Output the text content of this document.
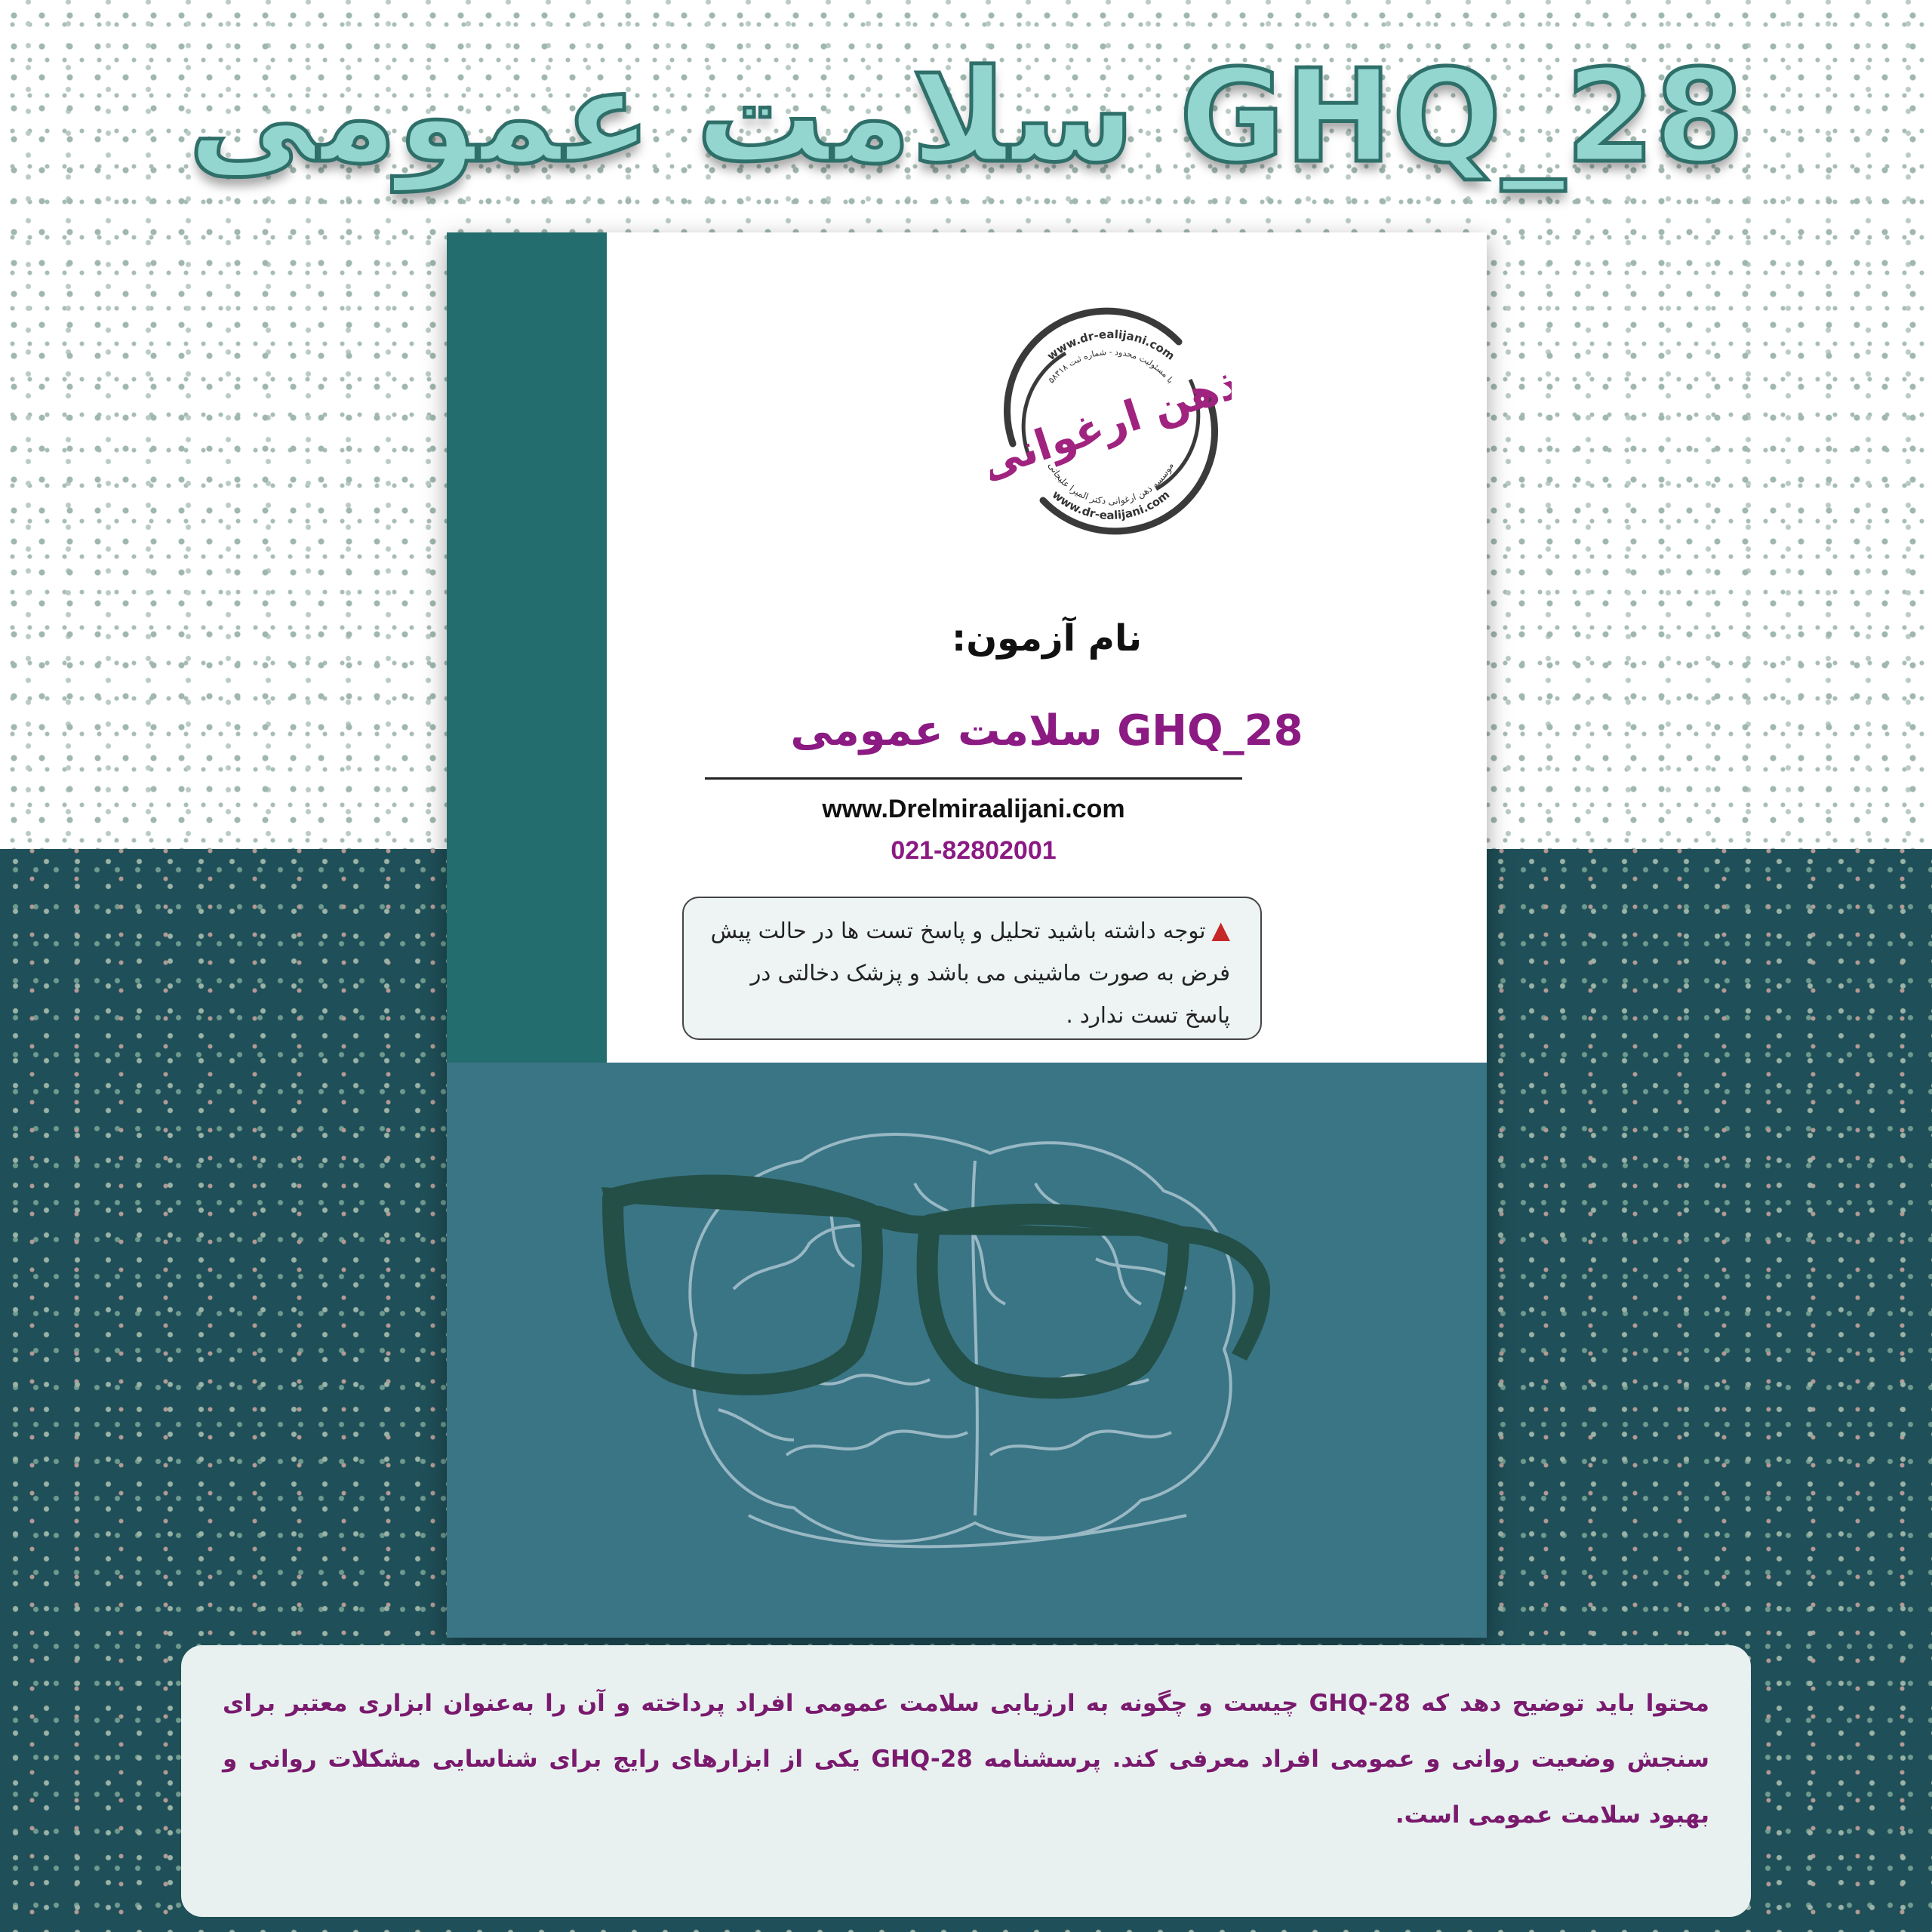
GHQ_28 سلامت عمومی
www.dr-ealijani.com
با مسئولیت محدود - شماره ثبت ۵۸۳۱۸
ذهن ارغوانی
موسسه ذهن ارغوانی دکتر المیرا علیجانی
www.dr-ealijani.com

نام آزمون:

GHQ_28 سلامت عمومی

www.Drelmiraalijani.com
021-82802001
▲توجه داشته باشید تحلیل و پاسخ تست ها در حالت پیش فرض به صورت ماشینی می باشد و پزشک دخالتی در پاسخ تست ندارد .
محتوا باید توضیح دهد که GHQ-28 چیست و چگونه به ارزیابی سلامت عمومی افراد پرداخته و آن را به‌عنوان ابزاری معتبر برای سنجش وضعیت روانی و عمومی افراد معرفی کند. پرسشنامه GHQ-28 یکی از ابزارهای رایج برای شناسایی مشکلات روانی و بهبود سلامت عمومی است.
